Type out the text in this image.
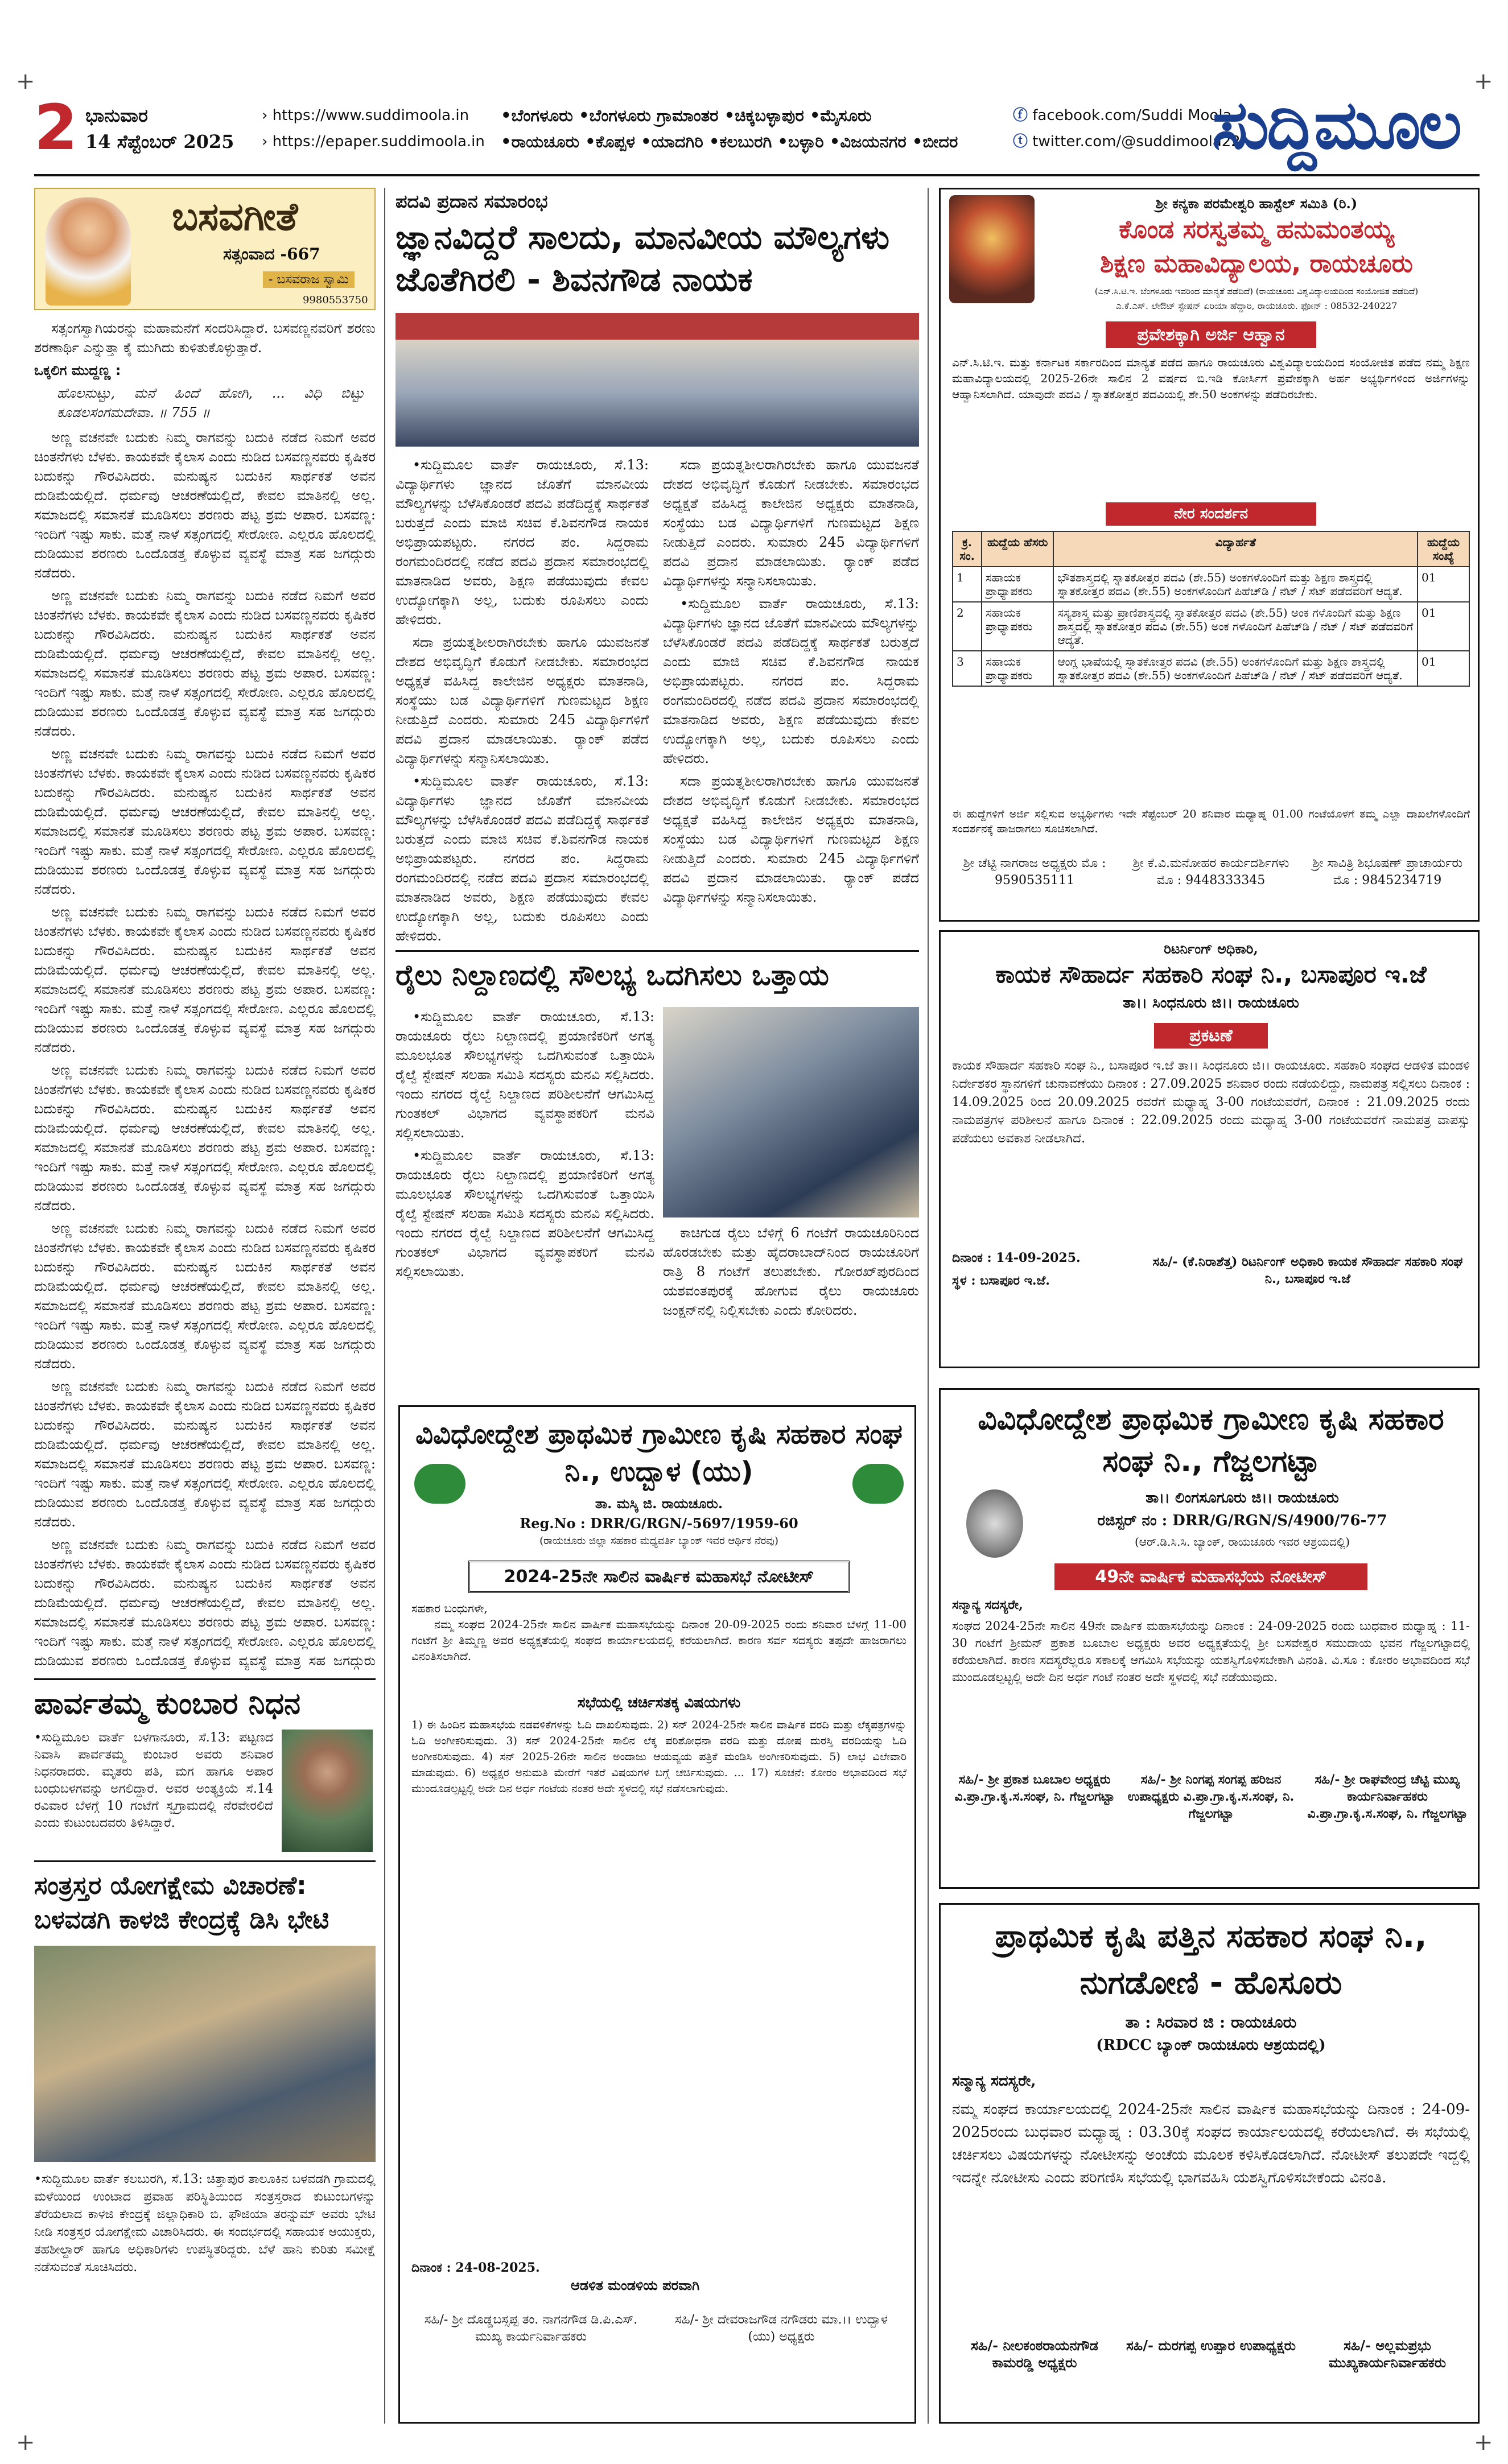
+	+
+	+
2 ಭಾನುವಾರ
14 ಸೆಪ್ಟೆಂಬರ್ 2025
› https://www.suddimoola.in
› https://epaper.suddimoola.in
•ಬೆಂಗಳೂರು •ಬೆಂಗಳೂರು ಗ್ರಾಮಾಂತರ •ಚಿಕ್ಕಬಳ್ಳಾಪುರ •ಮೈಸೂರು
•ರಾಯಚೂರು •ಕೊಪ್ಪಳ •ಯಾದಗಿರಿ •ಕಲಬುರಗಿ •ಬಳ್ಳಾರಿ •ವಿಜಯನಗರ •ಬೀದರ
ⓕ facebook.com/Suddi Moola
ⓣ twitter.com/@suddimoola22
ಸುದ್ದಿಮೂಲ
ಬಸವಗೀತೆ
ಸತ್ಸಂವಾದ -667
- ಬಸವರಾಜ ಸ್ವಾಮಿ
9980553750

ಸತ್ಸಂಗಸ್ವಾಗಿಯರನ್ನು ಮಹಾಮನೆಗೆ ಸಂದರಿಸಿದ್ದಾರೆ. ಬಸವಣ್ಣನವರಿಗೆ ಶರಣು ಶರಣಾರ್ಥಿ ಎನ್ನುತ್ತಾ ಕೈ ಮುಗಿದು ಕುಳಿತುಕೊಳ್ಳುತ್ತಾರೆ.

ಒಕ್ಕಲಿಗ ಮುದ್ದಣ್ಣ :
ಹೊಲನುಟ್ಟು, ಮನೆ ಹಿಂದೆ ಹೋಗಿ, ... ವಿಧಿ ಬಿಟ್ಟು ಕೂಡಲಸಂಗಮದೇವಾ. ॥ 755 ॥

ಅಣ್ಣ ವಚನವೇ ಬದುಕು ನಿಮ್ಮ ರಾಗವನ್ನು ಬದುಕಿ ನಡೆದ ನಿಮಗೆ ಅವರ ಚಿಂತನೆಗಳು ಬೆಳಕು. ಕಾಯಕವೇ ಕೈಲಾಸ ಎಂದು ನುಡಿದ ಬಸವಣ್ಣನವರು ಕೃಷಿಕರ ಬದುಕನ್ನು ಗೌರವಿಸಿದರು. ಮನುಷ್ಯನ ಬದುಕಿನ ಸಾರ್ಥಕತೆ ಅವನ ದುಡಿಮೆಯಲ್ಲಿದೆ. ಧರ್ಮವು ಆಚರಣೆಯಲ್ಲಿದೆ, ಕೇವಲ ಮಾತಿನಲ್ಲಿ ಅಲ್ಲ. ಸಮಾಜದಲ್ಲಿ ಸಮಾನತೆ ಮೂಡಿಸಲು ಶರಣರು ಪಟ್ಟ ಶ್ರಮ ಅಪಾರ. ಬಸವಣ್ಣ: ಇಂದಿಗೆ ಇಷ್ಟು ಸಾಕು. ಮತ್ತೆ ನಾಳೆ ಸತ್ಸಂಗದಲ್ಲಿ ಸೇರೋಣ. ಎಲ್ಲರೂ ಹೊಲದಲ್ಲಿ ದುಡಿಯುವ ಶರಣರು ಒಂದೊಡತ್ತ ಕೊಳ್ಳುವ ವ್ಯವಸ್ಥೆ ಮಾತ್ರ ಸಹ ಜಗದ್ಗುರು ನಡೆದರು.

ಅಣ್ಣ ವಚನವೇ ಬದುಕು ನಿಮ್ಮ ರಾಗವನ್ನು ಬದುಕಿ ನಡೆದ ನಿಮಗೆ ಅವರ ಚಿಂತನೆಗಳು ಬೆಳಕು. ಕಾಯಕವೇ ಕೈಲಾಸ ಎಂದು ನುಡಿದ ಬಸವಣ್ಣನವರು ಕೃಷಿಕರ ಬದುಕನ್ನು ಗೌರವಿಸಿದರು. ಮನುಷ್ಯನ ಬದುಕಿನ ಸಾರ್ಥಕತೆ ಅವನ ದುಡಿಮೆಯಲ್ಲಿದೆ. ಧರ್ಮವು ಆಚರಣೆಯಲ್ಲಿದೆ, ಕೇವಲ ಮಾತಿನಲ್ಲಿ ಅಲ್ಲ. ಸಮಾಜದಲ್ಲಿ ಸಮಾನತೆ ಮೂಡಿಸಲು ಶರಣರು ಪಟ್ಟ ಶ್ರಮ ಅಪಾರ. ಬಸವಣ್ಣ: ಇಂದಿಗೆ ಇಷ್ಟು ಸಾಕು. ಮತ್ತೆ ನಾಳೆ ಸತ್ಸಂಗದಲ್ಲಿ ಸೇರೋಣ. ಎಲ್ಲರೂ ಹೊಲದಲ್ಲಿ ದುಡಿಯುವ ಶರಣರು ಒಂದೊಡತ್ತ ಕೊಳ್ಳುವ ವ್ಯವಸ್ಥೆ ಮಾತ್ರ ಸಹ ಜಗದ್ಗುರು ನಡೆದರು.

ಅಣ್ಣ ವಚನವೇ ಬದುಕು ನಿಮ್ಮ ರಾಗವನ್ನು ಬದುಕಿ ನಡೆದ ನಿಮಗೆ ಅವರ ಚಿಂತನೆಗಳು ಬೆಳಕು. ಕಾಯಕವೇ ಕೈಲಾಸ ಎಂದು ನುಡಿದ ಬಸವಣ್ಣನವರು ಕೃಷಿಕರ ಬದುಕನ್ನು ಗೌರವಿಸಿದರು. ಮನುಷ್ಯನ ಬದುಕಿನ ಸಾರ್ಥಕತೆ ಅವನ ದುಡಿಮೆಯಲ್ಲಿದೆ. ಧರ್ಮವು ಆಚರಣೆಯಲ್ಲಿದೆ, ಕೇವಲ ಮಾತಿನಲ್ಲಿ ಅಲ್ಲ. ಸಮಾಜದಲ್ಲಿ ಸಮಾನತೆ ಮೂಡಿಸಲು ಶರಣರು ಪಟ್ಟ ಶ್ರಮ ಅಪಾರ. ಬಸವಣ್ಣ: ಇಂದಿಗೆ ಇಷ್ಟು ಸಾಕು. ಮತ್ತೆ ನಾಳೆ ಸತ್ಸಂಗದಲ್ಲಿ ಸೇರೋಣ. ಎಲ್ಲರೂ ಹೊಲದಲ್ಲಿ ದುಡಿಯುವ ಶರಣರು ಒಂದೊಡತ್ತ ಕೊಳ್ಳುವ ವ್ಯವಸ್ಥೆ ಮಾತ್ರ ಸಹ ಜಗದ್ಗುರು ನಡೆದರು.

ಅಣ್ಣ ವಚನವೇ ಬದುಕು ನಿಮ್ಮ ರಾಗವನ್ನು ಬದುಕಿ ನಡೆದ ನಿಮಗೆ ಅವರ ಚಿಂತನೆಗಳು ಬೆಳಕು. ಕಾಯಕವೇ ಕೈಲಾಸ ಎಂದು ನುಡಿದ ಬಸವಣ್ಣನವರು ಕೃಷಿಕರ ಬದುಕನ್ನು ಗೌರವಿಸಿದರು. ಮನುಷ್ಯನ ಬದುಕಿನ ಸಾರ್ಥಕತೆ ಅವನ ದುಡಿಮೆಯಲ್ಲಿದೆ. ಧರ್ಮವು ಆಚರಣೆಯಲ್ಲಿದೆ, ಕೇವಲ ಮಾತಿನಲ್ಲಿ ಅಲ್ಲ. ಸಮಾಜದಲ್ಲಿ ಸಮಾನತೆ ಮೂಡಿಸಲು ಶರಣರು ಪಟ್ಟ ಶ್ರಮ ಅಪಾರ. ಬಸವಣ್ಣ: ಇಂದಿಗೆ ಇಷ್ಟು ಸಾಕು. ಮತ್ತೆ ನಾಳೆ ಸತ್ಸಂಗದಲ್ಲಿ ಸೇರೋಣ. ಎಲ್ಲರೂ ಹೊಲದಲ್ಲಿ ದುಡಿಯುವ ಶರಣರು ಒಂದೊಡತ್ತ ಕೊಳ್ಳುವ ವ್ಯವಸ್ಥೆ ಮಾತ್ರ ಸಹ ಜಗದ್ಗುರು ನಡೆದರು.

ಅಣ್ಣ ವಚನವೇ ಬದುಕು ನಿಮ್ಮ ರಾಗವನ್ನು ಬದುಕಿ ನಡೆದ ನಿಮಗೆ ಅವರ ಚಿಂತನೆಗಳು ಬೆಳಕು. ಕಾಯಕವೇ ಕೈಲಾಸ ಎಂದು ನುಡಿದ ಬಸವಣ್ಣನವರು ಕೃಷಿಕರ ಬದುಕನ್ನು ಗೌರವಿಸಿದರು. ಮನುಷ್ಯನ ಬದುಕಿನ ಸಾರ್ಥಕತೆ ಅವನ ದುಡಿಮೆಯಲ್ಲಿದೆ. ಧರ್ಮವು ಆಚರಣೆಯಲ್ಲಿದೆ, ಕೇವಲ ಮಾತಿನಲ್ಲಿ ಅಲ್ಲ. ಸಮಾಜದಲ್ಲಿ ಸಮಾನತೆ ಮೂಡಿಸಲು ಶರಣರು ಪಟ್ಟ ಶ್ರಮ ಅಪಾರ. ಬಸವಣ್ಣ: ಇಂದಿಗೆ ಇಷ್ಟು ಸಾಕು. ಮತ್ತೆ ನಾಳೆ ಸತ್ಸಂಗದಲ್ಲಿ ಸೇರೋಣ. ಎಲ್ಲರೂ ಹೊಲದಲ್ಲಿ ದುಡಿಯುವ ಶರಣರು ಒಂದೊಡತ್ತ ಕೊಳ್ಳುವ ವ್ಯವಸ್ಥೆ ಮಾತ್ರ ಸಹ ಜಗದ್ಗುರು ನಡೆದರು.

ಅಣ್ಣ ವಚನವೇ ಬದುಕು ನಿಮ್ಮ ರಾಗವನ್ನು ಬದುಕಿ ನಡೆದ ನಿಮಗೆ ಅವರ ಚಿಂತನೆಗಳು ಬೆಳಕು. ಕಾಯಕವೇ ಕೈಲಾಸ ಎಂದು ನುಡಿದ ಬಸವಣ್ಣನವರು ಕೃಷಿಕರ ಬದುಕನ್ನು ಗೌರವಿಸಿದರು. ಮನುಷ್ಯನ ಬದುಕಿನ ಸಾರ್ಥಕತೆ ಅವನ ದುಡಿಮೆಯಲ್ಲಿದೆ. ಧರ್ಮವು ಆಚರಣೆಯಲ್ಲಿದೆ, ಕೇವಲ ಮಾತಿನಲ್ಲಿ ಅಲ್ಲ. ಸಮಾಜದಲ್ಲಿ ಸಮಾನತೆ ಮೂಡಿಸಲು ಶರಣರು ಪಟ್ಟ ಶ್ರಮ ಅಪಾರ. ಬಸವಣ್ಣ: ಇಂದಿಗೆ ಇಷ್ಟು ಸಾಕು. ಮತ್ತೆ ನಾಳೆ ಸತ್ಸಂಗದಲ್ಲಿ ಸೇರೋಣ. ಎಲ್ಲರೂ ಹೊಲದಲ್ಲಿ ದುಡಿಯುವ ಶರಣರು ಒಂದೊಡತ್ತ ಕೊಳ್ಳುವ ವ್ಯವಸ್ಥೆ ಮಾತ್ರ ಸಹ ಜಗದ್ಗುರು ನಡೆದರು.

ಅಣ್ಣ ವಚನವೇ ಬದುಕು ನಿಮ್ಮ ರಾಗವನ್ನು ಬದುಕಿ ನಡೆದ ನಿಮಗೆ ಅವರ ಚಿಂತನೆಗಳು ಬೆಳಕು. ಕಾಯಕವೇ ಕೈಲಾಸ ಎಂದು ನುಡಿದ ಬಸವಣ್ಣನವರು ಕೃಷಿಕರ ಬದುಕನ್ನು ಗೌರವಿಸಿದರು. ಮನುಷ್ಯನ ಬದುಕಿನ ಸಾರ್ಥಕತೆ ಅವನ ದುಡಿಮೆಯಲ್ಲಿದೆ. ಧರ್ಮವು ಆಚರಣೆಯಲ್ಲಿದೆ, ಕೇವಲ ಮಾತಿನಲ್ಲಿ ಅಲ್ಲ. ಸಮಾಜದಲ್ಲಿ ಸಮಾನತೆ ಮೂಡಿಸಲು ಶರಣರು ಪಟ್ಟ ಶ್ರಮ ಅಪಾರ. ಬಸವಣ್ಣ: ಇಂದಿಗೆ ಇಷ್ಟು ಸಾಕು. ಮತ್ತೆ ನಾಳೆ ಸತ್ಸಂಗದಲ್ಲಿ ಸೇರೋಣ. ಎಲ್ಲರೂ ಹೊಲದಲ್ಲಿ ದುಡಿಯುವ ಶರಣರು ಒಂದೊಡತ್ತ ಕೊಳ್ಳುವ ವ್ಯವಸ್ಥೆ ಮಾತ್ರ ಸಹ ಜಗದ್ಗುರು ನಡೆದರು.

ಅಣ್ಣ ವಚನವೇ ಬದುಕು ನಿಮ್ಮ ರಾಗವನ್ನು ಬದುಕಿ ನಡೆದ ನಿಮಗೆ ಅವರ ಚಿಂತನೆಗಳು ಬೆಳಕು. ಕಾಯಕವೇ ಕೈಲಾಸ ಎಂದು ನುಡಿದ ಬಸವಣ್ಣನವರು ಕೃಷಿಕರ ಬದುಕನ್ನು ಗೌರವಿಸಿದರು. ಮನುಷ್ಯನ ಬದುಕಿನ ಸಾರ್ಥಕತೆ ಅವನ ದುಡಿಮೆಯಲ್ಲಿದೆ. ಧರ್ಮವು ಆಚರಣೆಯಲ್ಲಿದೆ, ಕೇವಲ ಮಾತಿನಲ್ಲಿ ಅಲ್ಲ. ಸಮಾಜದಲ್ಲಿ ಸಮಾನತೆ ಮೂಡಿಸಲು ಶರಣರು ಪಟ್ಟ ಶ್ರಮ ಅಪಾರ. ಬಸವಣ್ಣ: ಇಂದಿಗೆ ಇಷ್ಟು ಸಾಕು. ಮತ್ತೆ ನಾಳೆ ಸತ್ಸಂಗದಲ್ಲಿ ಸೇರೋಣ. ಎಲ್ಲರೂ ಹೊಲದಲ್ಲಿ ದುಡಿಯುವ ಶರಣರು ಒಂದೊಡತ್ತ ಕೊಳ್ಳುವ ವ್ಯವಸ್ಥೆ ಮಾತ್ರ ಸಹ ಜಗದ್ಗುರು

ಪಾರ್ವತಮ್ಮ ಕುಂಬಾರ ನಿಧನ
•ಸುದ್ದಿಮೂಲ ವಾರ್ತೆ ಬಳಗಾನೂರು, ಸೆ.13: ಪಟ್ಟಣದ ನಿವಾಸಿ ಪಾರ್ವತಮ್ಮ ಕುಂಬಾರ ಅವರು ಶನಿವಾರ ನಿಧನರಾದರು. ಮೃತರು ಪತಿ, ಮಗ ಹಾಗೂ ಅಪಾರ ಬಂಧುಬಳಗವನ್ನು ಅಗಲಿದ್ದಾರೆ. ಅವರ ಅಂತ್ಯಕ್ರಿಯೆ ಸೆ.14 ರವಿವಾರ ಬೆಳಗ್ಗೆ 10 ಗಂಟೆಗೆ ಸ್ವಗ್ರಾಮದಲ್ಲಿ ನೆರವೇರಲಿದೆ ಎಂದು ಕುಟುಂಬದವರು ತಿಳಿಸಿದ್ದಾರೆ.
ಸಂತ್ರಸ್ತರ ಯೋಗಕ್ಷೇಮ ವಿಚಾರಣೆ: ಬಳವಡಗಿ ಕಾಳಜಿ ಕೇಂದ್ರಕ್ಕೆ ಡಿಸಿ ಭೇಟಿ
•ಸುದ್ದಿಮೂಲ ವಾರ್ತೆ ಕಲಬುರಗಿ, ಸೆ.13: ಚಿತ್ತಾಪುರ ತಾಲೂಕಿನ ಬಳವಡಗಿ ಗ್ರಾಮದಲ್ಲಿ ಮಳೆಯಿಂದ ಉಂಟಾದ ಪ್ರವಾಹ ಪರಿಸ್ಥಿತಿಯಿಂದ ಸಂತ್ರಸ್ತರಾದ ಕುಟುಂಬಗಳನ್ನು ತೆರೆಯಲಾದ ಕಾಳಜಿ ಕೇಂದ್ರಕ್ಕೆ ಜಿಲ್ಲಾಧಿಕಾರಿ ಬಿ. ಫೌಜಿಯಾ ತರನ್ನುಮ್ ಅವರು ಭೇಟಿ ನೀಡಿ ಸಂತ್ರಸ್ತರ ಯೋಗಕ್ಷೇಮ ವಿಚಾರಿಸಿದರು. ಈ ಸಂದರ್ಭದಲ್ಲಿ ಸಹಾಯಕ ಆಯುಕ್ತರು, ತಹಶೀಲ್ದಾರ್ ಹಾಗೂ ಅಧಿಕಾರಿಗಳು ಉಪಸ್ಥಿತರಿದ್ದರು. ಬೆಳೆ ಹಾನಿ ಕುರಿತು ಸಮೀಕ್ಷೆ ನಡೆಸುವಂತೆ ಸೂಚಿಸಿದರು.
ಪದವಿ ಪ್ರದಾನ ಸಮಾರಂಭ
ಜ್ಞಾನವಿದ್ದರೆ ಸಾಲದು, ಮಾನವೀಯ ಮೌಲ್ಯಗಳು ಜೊತೆಗಿರಲಿ - ಶಿವನಗೌಡ ನಾಯಕ

•ಸುದ್ದಿಮೂಲ ವಾರ್ತೆ ರಾಯಚೂರು, ಸೆ.13: ವಿದ್ಯಾರ್ಥಿಗಳು ಜ್ಞಾನದ ಜೊತೆಗೆ ಮಾನವೀಯ ಮೌಲ್ಯಗಳನ್ನು ಬೆಳೆಸಿಕೊಂಡರೆ ಪದವಿ ಪಡೆದಿದ್ದಕ್ಕೆ ಸಾರ್ಥಕತೆ ಬರುತ್ತದೆ ಎಂದು ಮಾಜಿ ಸಚಿವ ಕೆ.ಶಿವನಗೌಡ ನಾಯಕ ಅಭಿಪ್ರಾಯಪಟ್ಟರು. ನಗರದ ಪಂ. ಸಿದ್ದರಾಮ ರಂಗಮಂದಿರದಲ್ಲಿ ನಡೆದ ಪದವಿ ಪ್ರದಾನ ಸಮಾರಂಭದಲ್ಲಿ ಮಾತನಾಡಿದ ಅವರು, ಶಿಕ್ಷಣ ಪಡೆಯುವುದು ಕೇವಲ ಉದ್ಯೋಗಕ್ಕಾಗಿ ಅಲ್ಲ, ಬದುಕು ರೂಪಿಸಲು ಎಂದು ಹೇಳಿದರು.

ಸದಾ ಪ್ರಯತ್ನಶೀಲರಾಗಿರಬೇಕು ಹಾಗೂ ಯುವಜನತೆ ದೇಶದ ಅಭಿವೃದ್ಧಿಗೆ ಕೊಡುಗೆ ನೀಡಬೇಕು. ಸಮಾರಂಭದ ಅಧ್ಯಕ್ಷತೆ ವಹಿಸಿದ್ದ ಕಾಲೇಜಿನ ಅಧ್ಯಕ್ಷರು ಮಾತನಾಡಿ, ಸಂಸ್ಥೆಯು ಬಡ ವಿದ್ಯಾರ್ಥಿಗಳಿಗೆ ಗುಣಮಟ್ಟದ ಶಿಕ್ಷಣ ನೀಡುತ್ತಿದೆ ಎಂದರು. ಸುಮಾರು 245 ವಿದ್ಯಾರ್ಥಿಗಳಿಗೆ ಪದವಿ ಪ್ರದಾನ ಮಾಡಲಾಯಿತು. ರ‍್ಯಾಂಕ್ ಪಡೆದ ವಿದ್ಯಾರ್ಥಿಗಳನ್ನು ಸನ್ಮಾನಿಸಲಾಯಿತು.

•ಸುದ್ದಿಮೂಲ ವಾರ್ತೆ ರಾಯಚೂರು, ಸೆ.13: ವಿದ್ಯಾರ್ಥಿಗಳು ಜ್ಞಾನದ ಜೊತೆಗೆ ಮಾನವೀಯ ಮೌಲ್ಯಗಳನ್ನು ಬೆಳೆಸಿಕೊಂಡರೆ ಪದವಿ ಪಡೆದಿದ್ದಕ್ಕೆ ಸಾರ್ಥಕತೆ ಬರುತ್ತದೆ ಎಂದು ಮಾಜಿ ಸಚಿವ ಕೆ.ಶಿವನಗೌಡ ನಾಯಕ ಅಭಿಪ್ರಾಯಪಟ್ಟರು. ನಗರದ ಪಂ. ಸಿದ್ದರಾಮ ರಂಗಮಂದಿರದಲ್ಲಿ ನಡೆದ ಪದವಿ ಪ್ರದಾನ ಸಮಾರಂಭದಲ್ಲಿ ಮಾತನಾಡಿದ ಅವರು, ಶಿಕ್ಷಣ ಪಡೆಯುವುದು ಕೇವಲ ಉದ್ಯೋಗಕ್ಕಾಗಿ ಅಲ್ಲ, ಬದುಕು ರೂಪಿಸಲು ಎಂದು ಹೇಳಿದರು.

ಸದಾ ಪ್ರಯತ್ನಶೀಲರಾಗಿರಬೇಕು ಹಾಗೂ ಯುವಜನತೆ ದೇಶದ ಅಭಿವೃದ್ಧಿಗೆ ಕೊಡುಗೆ ನೀಡಬೇಕು. ಸಮಾರಂಭದ ಅಧ್ಯಕ್ಷತೆ ವಹಿಸಿದ್ದ ಕಾಲೇಜಿನ ಅಧ್ಯಕ್ಷರು ಮಾತನಾಡಿ, ಸಂಸ್ಥೆಯು ಬಡ ವಿದ್ಯಾರ್ಥಿಗಳಿಗೆ ಗುಣಮಟ್ಟದ ಶಿಕ್ಷಣ ನೀಡುತ್ತಿದೆ ಎಂದರು. ಸುಮಾರು 245 ವಿದ್ಯಾರ್ಥಿಗಳಿಗೆ ಪದವಿ ಪ್ರದಾನ ಮಾಡಲಾಯಿತು. ರ‍್ಯಾಂಕ್ ಪಡೆದ ವಿದ್ಯಾರ್ಥಿಗಳನ್ನು ಸನ್ಮಾನಿಸಲಾಯಿತು.

•ಸುದ್ದಿಮೂಲ ವಾರ್ತೆ ರಾಯಚೂರು, ಸೆ.13: ವಿದ್ಯಾರ್ಥಿಗಳು ಜ್ಞಾನದ ಜೊತೆಗೆ ಮಾನವೀಯ ಮೌಲ್ಯಗಳನ್ನು ಬೆಳೆಸಿಕೊಂಡರೆ ಪದವಿ ಪಡೆದಿದ್ದಕ್ಕೆ ಸಾರ್ಥಕತೆ ಬರುತ್ತದೆ ಎಂದು ಮಾಜಿ ಸಚಿವ ಕೆ.ಶಿವನಗೌಡ ನಾಯಕ ಅಭಿಪ್ರಾಯಪಟ್ಟರು. ನಗರದ ಪಂ. ಸಿದ್ದರಾಮ ರಂಗಮಂದಿರದಲ್ಲಿ ನಡೆದ ಪದವಿ ಪ್ರದಾನ ಸಮಾರಂಭದಲ್ಲಿ ಮಾತನಾಡಿದ ಅವರು, ಶಿಕ್ಷಣ ಪಡೆಯುವುದು ಕೇವಲ ಉದ್ಯೋಗಕ್ಕಾಗಿ ಅಲ್ಲ, ಬದುಕು ರೂಪಿಸಲು ಎಂದು ಹೇಳಿದರು.

ಸದಾ ಪ್ರಯತ್ನಶೀಲರಾಗಿರಬೇಕು ಹಾಗೂ ಯುವಜನತೆ ದೇಶದ ಅಭಿವೃದ್ಧಿಗೆ ಕೊಡುಗೆ ನೀಡಬೇಕು. ಸಮಾರಂಭದ ಅಧ್ಯಕ್ಷತೆ ವಹಿಸಿದ್ದ ಕಾಲೇಜಿನ ಅಧ್ಯಕ್ಷರು ಮಾತನಾಡಿ, ಸಂಸ್ಥೆಯು ಬಡ ವಿದ್ಯಾರ್ಥಿಗಳಿಗೆ ಗುಣಮಟ್ಟದ ಶಿಕ್ಷಣ ನೀಡುತ್ತಿದೆ ಎಂದರು. ಸುಮಾರು 245 ವಿದ್ಯಾರ್ಥಿಗಳಿಗೆ ಪದವಿ ಪ್ರದಾನ ಮಾಡಲಾಯಿತು. ರ‍್ಯಾಂಕ್ ಪಡೆದ ವಿದ್ಯಾರ್ಥಿಗಳನ್ನು ಸನ್ಮಾನಿಸಲಾಯಿತು.

ರೈಲು ನಿಲ್ದಾಣದಲ್ಲಿ ಸೌಲಭ್ಯ ಒದಗಿಸಲು ಒತ್ತಾಯ

•ಸುದ್ದಿಮೂಲ ವಾರ್ತೆ ರಾಯಚೂರು, ಸೆ.13: ರಾಯಚೂರು ರೈಲು ನಿಲ್ದಾಣದಲ್ಲಿ ಪ್ರಯಾಣಿಕರಿಗೆ ಅಗತ್ಯ ಮೂಲಭೂತ ಸೌಲಭ್ಯಗಳನ್ನು ಒದಗಿಸುವಂತೆ ಒತ್ತಾಯಿಸಿ ರೈಲ್ವೆ ಸ್ಟೇಷನ್ ಸಲಹಾ ಸಮಿತಿ ಸದಸ್ಯರು ಮನವಿ ಸಲ್ಲಿಸಿದರು. ಇಂದು ನಗರದ ರೈಲ್ವೆ ನಿಲ್ದಾಣದ ಪರಿಶೀಲನೆಗೆ ಆಗಮಿಸಿದ್ದ ಗುಂತಕಲ್ ವಿಭಾಗದ ವ್ಯವಸ್ಥಾಪಕರಿಗೆ ಮನವಿ ಸಲ್ಲಿಸಲಾಯಿತು.

•ಸುದ್ದಿಮೂಲ ವಾರ್ತೆ ರಾಯಚೂರು, ಸೆ.13: ರಾಯಚೂರು ರೈಲು ನಿಲ್ದಾಣದಲ್ಲಿ ಪ್ರಯಾಣಿಕರಿಗೆ ಅಗತ್ಯ ಮೂಲಭೂತ ಸೌಲಭ್ಯಗಳನ್ನು ಒದಗಿಸುವಂತೆ ಒತ್ತಾಯಿಸಿ ರೈಲ್ವೆ ಸ್ಟೇಷನ್ ಸಲಹಾ ಸಮಿತಿ ಸದಸ್ಯರು ಮನವಿ ಸಲ್ಲಿಸಿದರು. ಇಂದು ನಗರದ ರೈಲ್ವೆ ನಿಲ್ದಾಣದ ಪರಿಶೀಲನೆಗೆ ಆಗಮಿಸಿದ್ದ ಗುಂತಕಲ್ ವಿಭಾಗದ ವ್ಯವಸ್ಥಾಪಕರಿಗೆ ಮನವಿ ಸಲ್ಲಿಸಲಾಯಿತು.

ಕಾಚಿಗುಡ ರೈಲು ಬೆಳಿಗ್ಗೆ 6 ಗಂಟೆಗೆ ರಾಯಚೂರಿನಿಂದ ಹೊರಡಬೇಕು ಮತ್ತು ಹೈದರಾಬಾದ್‌ನಿಂದ ರಾಯಚೂರಿಗೆ ರಾತ್ರಿ 8 ಗಂಟೆಗೆ ತಲುಪಬೇಕು. ಗೋರಖ್‌ಪುರದಿಂದ ಯಶವಂತಪುರಕ್ಕೆ ಹೋಗುವ ರೈಲು ರಾಯಚೂರು ಜಂಕ್ಷನ್‌ನಲ್ಲಿ ನಿಲ್ಲಿಸಬೇಕು ಎಂದು ಕೋರಿದರು.

ವಿವಿಧೋದ್ದೇಶ ಪ್ರಾಥಮಿಕ ಗ್ರಾಮೀಣ ಕೃಷಿ ಸಹಕಾರ ಸಂಘ ನಿ., ಉದ್ಬಾಳ (ಯು)
ತಾ. ಮಸ್ಕಿ ಜಿ. ರಾಯಚೂರು.
Reg.No : DRR/G/RGN/-5697/1959-60
(ರಾಯಚೂರು ಜಿಲ್ಲಾ ಸಹಕಾರ ಮಧ್ಯವರ್ತಿ ಬ್ಯಾಂಕ್ ಇವರ ಆರ್ಥಿಕ ನೆರವು)
2024-25ನೇ ಸಾಲಿನ ವಾರ್ಷಿಕ ಮಹಾಸಭೆ ನೋಟೀಸ್
ಸಹಕಾರ ಬಂಧುಗಳೇ,
ನಮ್ಮ ಸಂಘದ 2024-25ನೇ ಸಾಲಿನ ವಾರ್ಷಿಕ ಮಹಾಸಭೆಯನ್ನು ದಿನಾಂಕ 20-09-2025 ರಂದು ಶನಿವಾರ ಬೆಳಗ್ಗೆ 11-00 ಗಂಟೆಗೆ ಶ್ರೀ ತಿಮ್ಮಣ್ಣ ಅವರ ಅಧ್ಯಕ್ಷತೆಯಲ್ಲಿ ಸಂಘದ ಕಾರ್ಯಾಲಯದಲ್ಲಿ ಕರೆಯಲಾಗಿದೆ. ಕಾರಣ ಸರ್ವ ಸದಸ್ಯರು ತಪ್ಪದೇ ಹಾಜರಾಗಲು ವಿನಂತಿಸಲಾಗಿದೆ.
ಸಭೆಯಲ್ಲಿ ಚರ್ಚಿಸತಕ್ಕ ವಿಷಯಗಳು
1) ಈ ಹಿಂದಿನ ಮಹಾಸಭೆಯ ನಡವಳಿಕೆಗಳನ್ನು ಓದಿ ದಾಖಲಿಸುವುದು. 2) ಸನ್ 2024-25ನೇ ಸಾಲಿನ ವಾರ್ಷಿಕ ವರದಿ ಮತ್ತು ಲೆಕ್ಕಪತ್ರಗಳನ್ನು ಓದಿ ಅಂಗೀಕರಿಸುವುದು. 3) ಸನ್ 2024-25ನೇ ಸಾಲಿನ ಲೆಕ್ಕ ಪರಿಶೋಧನಾ ವರದಿ ಮತ್ತು ದೋಷ ದುರಸ್ತಿ ವರದಿಯನ್ನು ಓದಿ ಅಂಗೀಕರಿಸುವುದು. 4) ಸನ್ 2025-26ನೇ ಸಾಲಿನ ಅಂದಾಜು ಆಯವ್ಯಯ ಪತ್ರಿಕೆ ಮಂಡಿಸಿ ಅಂಗೀಕರಿಸುವುದು. 5) ಲಾಭ ವಿಲೇವಾರಿ ಮಾಡುವುದು. 6) ಅಧ್ಯಕ್ಷರ ಅನುಮತಿ ಮೇರೆಗೆ ಇತರೆ ವಿಷಯಗಳ ಬಗ್ಗೆ ಚರ್ಚಿಸುವುದು. ... 17) ಸೂಚನೆ: ಕೋರಂ ಅಭಾವದಿಂದ ಸಭೆ ಮುಂದೂಡಲ್ಪಟ್ಟಲ್ಲಿ ಅದೇ ದಿನ ಅರ್ಧ ಗಂಟೆಯ ನಂತರ ಅದೇ ಸ್ಥಳದಲ್ಲಿ ಸಭೆ ನಡೆಸಲಾಗುವುದು.
ದಿನಾಂಕ : 24-08-2025.
ಆಡಳಿತ ಮಂಡಳಿಯ ಪರವಾಗಿ
ಸಹಿ/- ಶ್ರೀ ದೊಡ್ಡಬಸ್ಸಪ್ಪ ತಂ. ನಾಗನಗೌಡ ಡಿ.ಪಿ.ಎಸ್. ಮುಖ್ಯ ಕಾರ್ಯನಿರ್ವಾಹಕರು
ಸಹಿ/- ಶ್ರೀ ದೇವರಾಜಗೌಡ ನಗೌಡರು ಮಾ.।। ಉದ್ಬಾಳ (ಯು) ಅಧ್ಯಕ್ಷರು
ಶ್ರೀ ಕನ್ಯಕಾ ಪರಮೇಶ್ವರಿ ಹಾಸ್ಟೆಲ್ ಸಮಿತಿ (ರಿ.)
ಕೊಂಡ ಸರಸ್ವತಮ್ಮ ಹನುಮಂತಯ್ಯ
ಶಿಕ್ಷಣ ಮಹಾವಿದ್ಯಾಲಯ, ರಾಯಚೂರು
(ಎನ್.ಸಿ.ಟಿ.ಇ. ಬೆಂಗಳೂರು ಇವರಿಂದ ಮಾನ್ಯತೆ ಪಡೆದಿದೆ) (ರಾಯಚೂರು ವಿಶ್ವವಿದ್ಯಾಲಯದಿಂದ ಸಂಯೋಜಿತ ಪಡೆದಿದೆ)
ಎ.ಕೆ.ಎಸ್. ಲೇಔಟ್ ಸ್ಟೇಷನ್ ಏರಿಯಾ ಹೆದ್ದಾರಿ, ರಾಯಚೂರು. ಫೋನ್ : 08532-240227
ಪ್ರವೇಶಕ್ಕಾಗಿ ಅರ್ಜಿ ಆಹ್ವಾನ
ಎನ್.ಸಿ.ಟಿ.ಇ. ಮತ್ತು ಕರ್ನಾಟಕ ಸರ್ಕಾರದಿಂದ ಮಾನ್ಯತೆ ಪಡೆದ ಹಾಗೂ ರಾಯಚೂರು ವಿಶ್ವವಿದ್ಯಾಲಯದಿಂದ ಸಂಯೋಜಿತ ಪಡೆದ ನಮ್ಮ ಶಿಕ್ಷಣ ಮಹಾವಿದ್ಯಾಲಯದಲ್ಲಿ 2025-26ನೇ ಸಾಲಿನ 2 ವರ್ಷದ ಬಿ.ಇಡಿ ಕೋರ್ಸಿಗೆ ಪ್ರವೇಶಕ್ಕಾಗಿ ಅರ್ಹ ಅಭ್ಯರ್ಥಿಗಳಿಂದ ಅರ್ಜಿಗಳನ್ನು ಆಹ್ವಾನಿಸಲಾಗಿದೆ. ಯಾವುದೇ ಪದವಿ / ಸ್ನಾತಕೋತ್ತರ ಪದವಿಯಲ್ಲಿ ಶೇ.50 ಅಂಕಗಳನ್ನು ಪಡೆದಿರಬೇಕು.
ನೇರ ಸಂದರ್ಶನ
ಕ್ರ. ಸಂ.	ಹುದ್ದೆಯ ಹೆಸರು	ವಿದ್ಯಾರ್ಹತೆ	ಹುದ್ದೆಯ ಸಂಖ್ಯೆ
1	ಸಹಾಯಕ ಪ್ರಾಧ್ಯಾಪಕರು	ಭೌತಶಾಸ್ತ್ರದಲ್ಲಿ ಸ್ನಾತಕೋತ್ತರ ಪದವಿ (ಶೇ.55) ಅಂಕಗಳೊಂದಿಗೆ ಮತ್ತು ಶಿಕ್ಷಣ ಶಾಸ್ತ್ರದಲ್ಲಿ ಸ್ನಾತಕೋತ್ತರ ಪದವಿ (ಶೇ.55) ಅಂಕಗಳೊಂದಿಗೆ ಪಿಹೆಚ್‌ಡಿ / ನೆಟ್ / ಸೆಟ್ ಪಡೆದವರಿಗೆ ಆದ್ಯತೆ.	01
2	ಸಹಾಯಕ ಪ್ರಾಧ್ಯಾಪಕರು	ಸಸ್ಯಶಾಸ್ತ್ರ ಮತ್ತು ಪ್ರಾಣಿಶಾಸ್ತ್ರದಲ್ಲಿ ಸ್ನಾತಕೋತ್ತರ ಪದವಿ (ಶೇ.55) ಅಂಕ ಗಳೊಂದಿಗೆ ಮತ್ತು ಶಿಕ್ಷಣ ಶಾಸ್ತ್ರದಲ್ಲಿ ಸ್ನಾತಕೋತ್ತರ ಪದವಿ (ಶೇ.55) ಅಂಕ ಗಳೊಂದಿಗೆ ಪಿಹೆಚ್‌ಡಿ / ನೆಟ್ / ಸೆಟ್ ಪಡೆದವರಿಗೆ ಆದ್ಯತೆ.	01
3	ಸಹಾಯಕ ಪ್ರಾಧ್ಯಾಪಕರು	ಆಂಗ್ಲ ಭಾಷೆಯಲ್ಲಿ ಸ್ನಾತಕೋತ್ತರ ಪದವಿ (ಶೇ.55) ಅಂಕಗಳೊಂದಿಗೆ ಮತ್ತು ಶಿಕ್ಷಣ ಶಾಸ್ತ್ರದಲ್ಲಿ ಸ್ನಾತಕೋತ್ತರ ಪದವಿ (ಶೇ.55) ಅಂಕಗಳೊಂದಿಗೆ ಪಿಹೆಚ್‌ಡಿ / ನೆಟ್ / ಸೆಟ್ ಪಡೆದವರಿಗೆ ಆದ್ಯತೆ.	01
ಈ ಹುದ್ದೆಗಳಿಗೆ ಅರ್ಜಿ ಸಲ್ಲಿಸುವ ಅಭ್ಯರ್ಥಿಗಳು ಇದೇ ಸೆಪ್ಟೆಂಬರ್ 20 ಶನಿವಾರ ಮಧ್ಯಾಹ್ನ 01.00 ಗಂಟೆಯೊಳಗೆ ತಮ್ಮ ಎಲ್ಲಾ ದಾಖಲೆಗಳೊಂದಿಗೆ ಸಂದರ್ಶನಕ್ಕೆ ಹಾಜರಾಗಲು ಸೂಚಿಸಲಾಗಿದೆ.
ಶ್ರೀ ಚೆಟ್ಟಿ ನಾಗರಾಜ ಅಧ್ಯಕ್ಷರು ಮೊ : 9590535111
ಶ್ರೀ ಕೆ.ವಿ.ಮನೋಹರ ಕಾರ್ಯದರ್ಶಿಗಳು ಮೊ : 9448333345
ಶ್ರೀ ಸಾವಿತ್ರಿ ಶಿಭೂಷಣ್ ಪ್ರಾಚಾರ್ಯರು ಮೊ : 9845234719
ರಿಟರ್ನಿಂಗ್ ಅಧಿಕಾರಿ,
ಕಾಯಕ ಸೌಹಾರ್ದ ಸಹಕಾರಿ ಸಂಘ ನಿ., ಬಸಾಪೂರ ಇ.ಜೆ
ತಾ।। ಸಿಂಧನೂರು ಜಿ।। ರಾಯಚೂರು
ಪ್ರಕಟಣೆ
ಕಾಯಕ ಸೌಹಾರ್ದ ಸಹಕಾರಿ ಸಂಘ ನಿ., ಬಸಾಪೂರ ಇ.ಜೆ ತಾ।। ಸಿಂಧನೂರು ಜಿ।। ರಾಯಚೂರು. ಸಹಕಾರಿ ಸಂಘದ ಆಡಳಿತ ಮಂಡಳಿ ನಿರ್ದೇಶಕರ ಸ್ಥಾನಗಳಿಗೆ ಚುನಾವಣೆಯು ದಿನಾಂಕ : 27.09.2025 ಶನಿವಾರ ರಂದು ನಡೆಯಲಿದ್ದು, ನಾಮಪತ್ರ ಸಲ್ಲಿಸಲು ದಿನಾಂಕ : 14.09.2025 ರಿಂದ 20.09.2025 ರವರೆಗೆ ಮಧ್ಯಾಹ್ನ 3-00 ಗಂಟೆಯವರೆಗೆ, ದಿನಾಂಕ : 21.09.2025 ರಂದು ನಾಮಪತ್ರಗಳ ಪರಿಶೀಲನೆ ಹಾಗೂ ದಿನಾಂಕ : 22.09.2025 ರಂದು ಮಧ್ಯಾಹ್ನ 3-00 ಗಂಟೆಯವರೆಗೆ ನಾಮಪತ್ರ ವಾಪಸ್ಸು ಪಡೆಯಲು ಅವಕಾಶ ನೀಡಲಾಗಿದೆ.
ದಿನಾಂಕ : 14-09-2025.
ಸ್ಥಳ : ಬಸಾಪೂರ ಇ.ಜೆ.
ಸಹಿ/- (ಕೆ.ನಿರಾಶೆತ್ತ) ರಿಟರ್ನಿಂಗ್ ಅಧಿಕಾರಿ ಕಾಯಕ ಸೌಹಾರ್ದ ಸಹಕಾರಿ ಸಂಘ ನಿ., ಬಸಾಪೂರ ಇ.ಜೆ
ವಿವಿಧೋದ್ದೇಶ ಪ್ರಾಥಮಿಕ ಗ್ರಾಮೀಣ ಕೃಷಿ ಸಹಕಾರ ಸಂಘ ನಿ., ಗೆಜ್ಜಲಗಟ್ಟಾ
ತಾ।। ಲಿಂಗಸೂಗೂರು ಜಿ।। ರಾಯಚೂರು
ರಜಿಸ್ಟರ್ ನಂ : DRR/G/RGN/S/4900/76-77
(ಆರ್.ಡಿ.ಸಿ.ಸಿ. ಬ್ಯಾಂಕ್, ರಾಯಚೂರು ಇವರ ಆಶ್ರಯದಲ್ಲಿ)
49ನೇ ವಾರ್ಷಿಕ ಮಹಾಸಭೆಯ ನೋಟೀಸ್
ಸನ್ಮಾನ್ಯ ಸದಸ್ಯರೇ,
ಸಂಘದ 2024-25ನೇ ಸಾಲಿನ 49ನೇ ವಾರ್ಷಿಕ ಮಹಾಸಭೆಯನ್ನು ದಿನಾಂಕ : 24-09-2025 ರಂದು ಬುಧವಾರ ಮಧ್ಯಾಹ್ನ : 11-30 ಗಂಟೆಗೆ ಶ್ರೀಮನ್ ಪ್ರಕಾಶ ಬೂಬಾಲ ಅಧ್ಯಕ್ಷರು ಅವರ ಅಧ್ಯಕ್ಷತೆಯಲ್ಲಿ ಶ್ರೀ ಬಸವೇಶ್ವರ ಸಮುದಾಯ ಭವನ ಗೆಜ್ಜಲಗಟ್ಟಾದಲ್ಲಿ ಕರೆಯಲಾಗಿದೆ. ಕಾರಣ ಸದಸ್ಯರೆಲ್ಲರೂ ಸಕಾಲಕ್ಕೆ ಆಗಮಿಸಿ ಸಭೆಯನ್ನು ಯಶಸ್ವಿಗೊಳಿಸಬೇಕಾಗಿ ವಿನಂತಿ. ವಿ.ಸೂ : ಕೋರಂ ಅಭಾವದಿಂದ ಸಭೆ ಮುಂದೂಡಲ್ಪಟ್ಟಲ್ಲಿ ಅದೇ ದಿನ ಅರ್ಧ ಗಂಟೆ ನಂತರ ಅದೇ ಸ್ಥಳದಲ್ಲಿ ಸಭೆ ನಡೆಯುವುದು.
ಸಹಿ/- ಶ್ರೀ ಪ್ರಕಾಶ ಬೂಬಾಲ ಅಧ್ಯಕ್ಷರು ವಿ.ಪ್ರಾ.ಗ್ರಾ.ಕೃ.ಸ.ಸಂಘ, ನಿ. ಗೆಜ್ಜಲಗಟ್ಟಾ
ಸಹಿ/- ಶ್ರೀ ನಿಂಗಪ್ಪ ಸಂಗಪ್ಪ ಹರಿಜನ ಉಪಾಧ್ಯಕ್ಷರು ವಿ.ಪ್ರಾ.ಗ್ರಾ.ಕೃ.ಸ.ಸಂಘ, ನಿ. ಗೆಜ್ಜಲಗಟ್ಟಾ
ಸಹಿ/- ಶ್ರೀ ರಾಘವೇಂದ್ರ ಚೆಟ್ಟಿ ಮುಖ್ಯ ಕಾರ್ಯನಿರ್ವಾಹಕರು ವಿ.ಪ್ರಾ.ಗ್ರಾ.ಕೃ.ಸ.ಸಂಘ, ನಿ. ಗೆಜ್ಜಲಗಟ್ಟಾ
ಪ್ರಾಥಮಿಕ ಕೃಷಿ ಪತ್ತಿನ ಸಹಕಾರ ಸಂಘ ನಿ., ನುಗಡೋಣಿ - ಹೊಸೂರು
ತಾ : ಸಿರವಾರ ಜಿ : ರಾಯಚೂರು
(RDCC ಬ್ಯಾಂಕ್ ರಾಯಚೂರು ಆಶ್ರಯದಲ್ಲಿ)
ಸನ್ಮಾನ್ಯ ಸದಸ್ಯರೇ,
ನಮ್ಮ ಸಂಘದ ಕಾರ್ಯಾಲಯದಲ್ಲಿ 2024-25ನೇ ಸಾಲಿನ ವಾರ್ಷಿಕ ಮಹಾಸಭೆಯನ್ನು ದಿನಾಂಕ : 24-09-2025ರಂದು ಬುಧವಾರ ಮಧ್ಯಾಹ್ನ : 03.30ಕ್ಕೆ ಸಂಘದ ಕಾರ್ಯಾಲಯದಲ್ಲಿ ಕರೆಯಲಾಗಿದೆ. ಈ ಸಭೆಯಲ್ಲಿ ಚರ್ಚಿಸಲು ವಿಷಯಗಳನ್ನು ನೋಟೀಸನ್ನು ಅಂಚೆಯ ಮೂಲಕ ಕಳಿಸಿಕೊಡಲಾಗಿದೆ. ನೋಟೀಸ್ ತಲುಪದೇ ಇದ್ದಲ್ಲಿ ಇದನ್ನೇ ನೋಟೀಸು ಎಂದು ಪರಿಗಣಿಸಿ ಸಭೆಯಲ್ಲಿ ಭಾಗವಹಿಸಿ ಯಶಸ್ವಿಗೊಳಿಸಬೇಕೆಂದು ವಿನಂತಿ.
ಸಹಿ/- ನೀಲಕಂಠರಾಯನಗೌಡ ಕಾಮರಡ್ಡಿ ಅಧ್ಯಕ್ಷರು
ಸಹಿ/- ದುರಗಪ್ಪ ಉಪ್ಪಾರ ಉಪಾಧ್ಯಕ್ಷರು	ಸಹಿ/- ಅಲ್ಲಮಪ್ರಭು ಮುಖ್ಯಕಾರ್ಯನಿರ್ವಾಹಕರು
